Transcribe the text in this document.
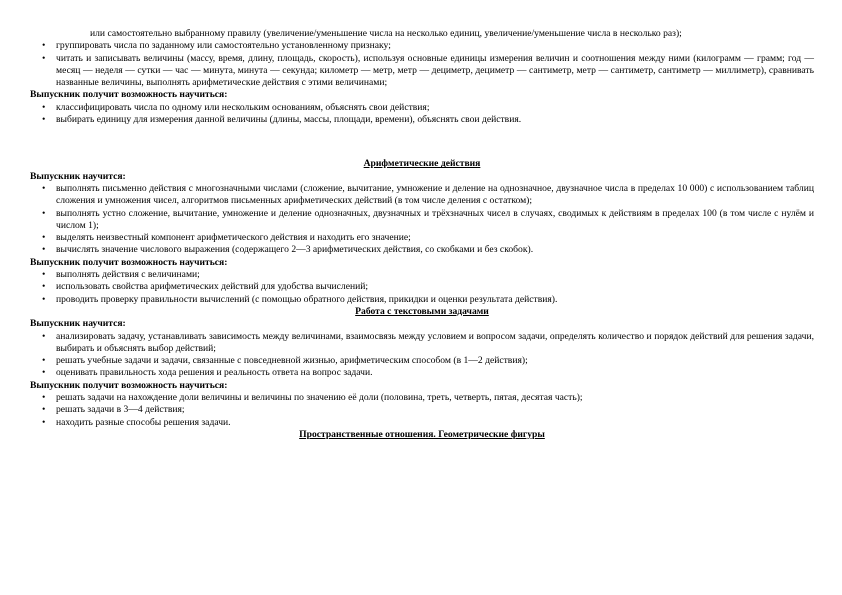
или самостоятельно выбранному правилу (увеличение/уменьшение числа на несколько единиц, увеличение/уменьшение числа в несколько раз);
• группировать числа по заданному или самостоятельно установленному признаку;
• читать и записывать величины (массу, время, длину, площадь, скорость), используя основные единицы измерения величин и соотношения между ними (килограмм — грамм; год — месяц — неделя — сутки — час — минута, минута — секунда; километр — метр, метр — дециметр, дециметр — сантиметр, метр — сантиметр, сантиметр — миллиметр), сравнивать названные величины, выполнять арифметические действия с этими величинами;
Выпускник получит возможность научиться:
• классифицировать числа по одному или нескольким основаниям, объяснять свои действия;
• выбирать единицу для измерения данной величины (длины, массы, площади, времени), объяснять свои действия.
Арифметические действия
Выпускник научится:
• выполнять письменно действия с многозначными числами (сложение, вычитание, умножение и деление на однозначное, двузначное числа в пределах 10 000) с использованием таблиц сложения и умножения чисел, алгоритмов письменных арифметических действий (в том числе деления с остатком);
• выполнять устно сложение, вычитание, умножение и деление однозначных, двузначных и трёхзначных чисел в случаях, сводимых к действиям в пределах 100 (в том числе с нулём и числом 1);
• выделять неизвестный компонент арифметического действия и находить его значение;
• вычислять значение числового выражения (содержащего 2—3 арифметических действия, со скобками и без скобок).
Выпускник получит возможность научиться:
• выполнять действия с величинами;
• использовать свойства арифметических действий для удобства вычислений;
• проводить проверку правильности вычислений (с помощью обратного действия, прикидки и оценки результата действия).
Работа с текстовыми задачами
Выпускник научится:
• анализировать задачу, устанавливать зависимость между величинами, взаимосвязь между условием и вопросом задачи, определять количество и порядок действий для решения задачи, выбирать и объяснять выбор действий;
• решать учебные задачи и задачи, связанные с повседневной жизнью, арифметическим способом (в 1—2 действия);
• оценивать правильность хода решения и реальность ответа на вопрос задачи.
Выпускник получит возможность научиться:
• решать задачи на нахождение доли величины и величины по значению её доли (половина, треть, четверть, пятая, десятая часть);
• решать задачи в 3—4 действия;
• находить разные способы решения задачи.
Пространственные отношения. Геометрические фигуры
